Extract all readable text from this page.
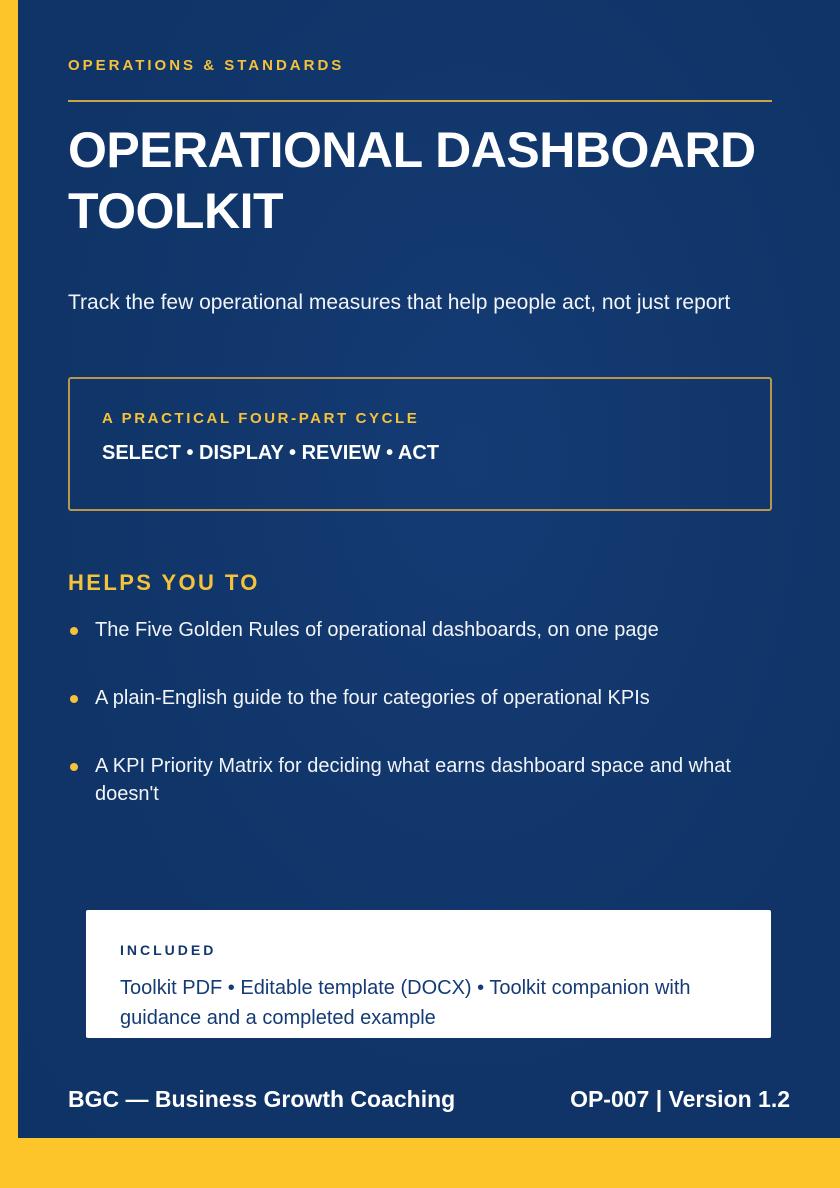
OPERATIONS & STANDARDS
OPERATIONAL DASHBOARD TOOLKIT
Track the few operational measures that help people act, not just report
A PRACTICAL FOUR-PART CYCLE
SELECT • DISPLAY • REVIEW • ACT
HELPS YOU TO
The Five Golden Rules of operational dashboards, on one page
A plain-English guide to the four categories of operational KPIs
A KPI Priority Matrix for deciding what earns dashboard space and what doesn't
INCLUDED
Toolkit PDF • Editable template (DOCX) • Toolkit companion with guidance and a completed example
BGC — Business Growth Coaching	OP-007 | Version 1.2
